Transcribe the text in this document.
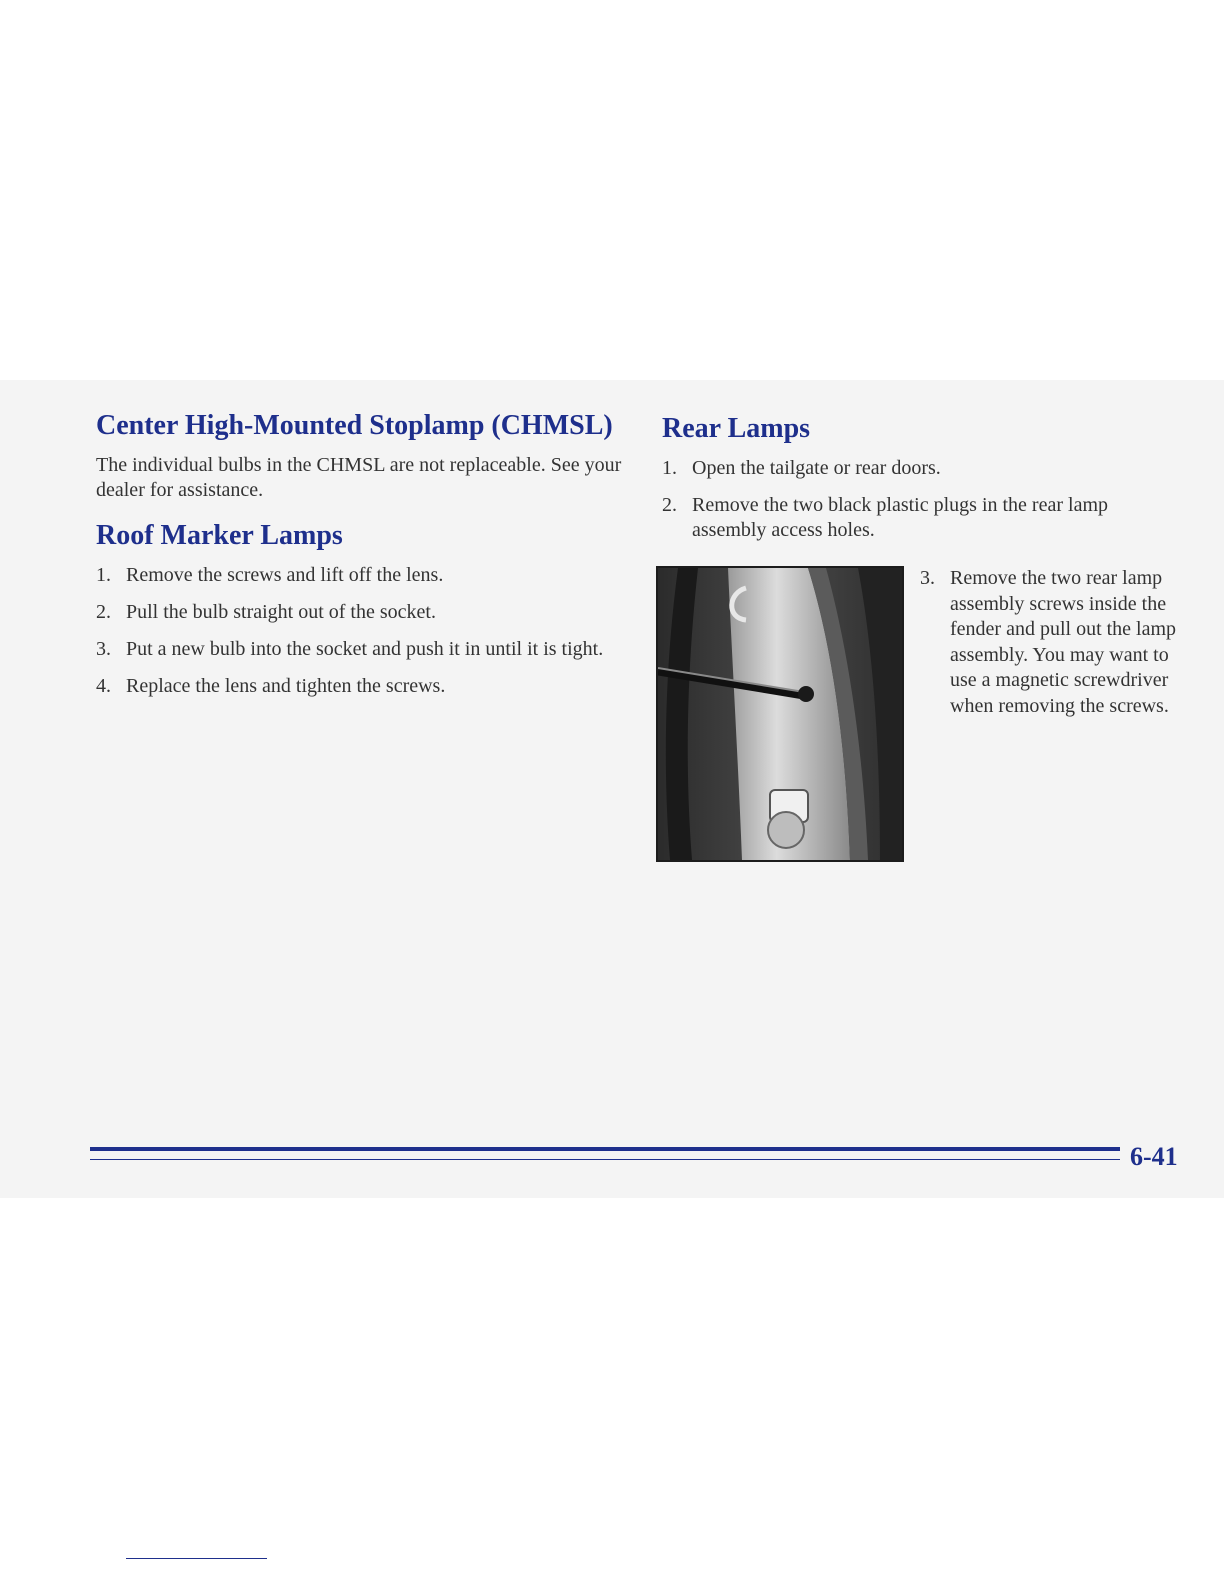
Center High-Mounted Stoplamp (CHMSL)

The individual bulbs in the CHMSL are not replaceable. See your dealer for assistance.

Roof Marker Lamps
1. Remove the screws and lift off the lens.
2. Pull the bulb straight out of the socket.
3. Put a new bulb into the socket and push it in until it is tight.
4. Replace the lens and tighten the screws.
Rear Lamps
1. Open the tailgate or rear doors.
2. Remove the two black plastic plugs in the rear lamp assembly access holes.

3. Remove the two rear lamp assembly screws inside the fender and pull out the lamp assembly. You may want to use a magnetic screwdriver when removing the screws.

6-41
